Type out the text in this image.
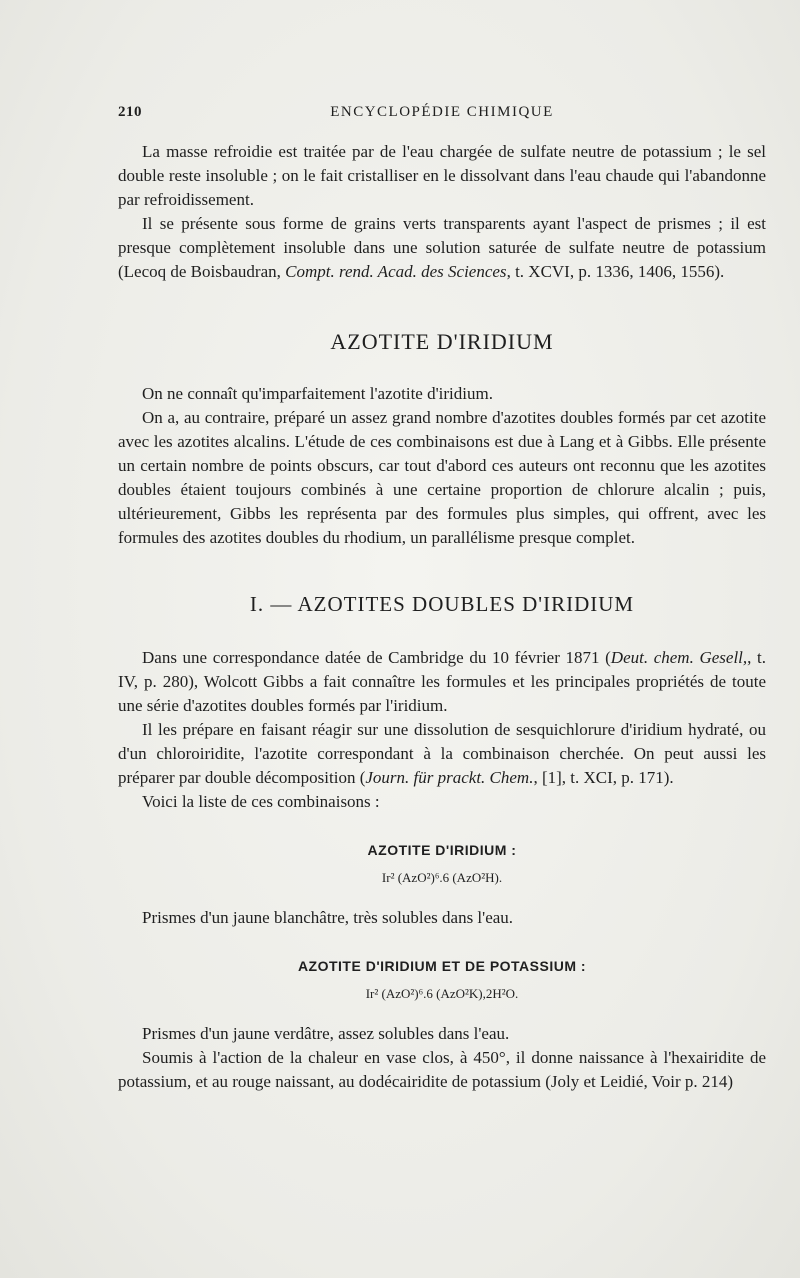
210	ENCYCLOPÉDIE CHIMIQUE

La masse refroidie est traitée par de l'eau chargée de sulfate neutre de potassium ; le sel double reste insoluble ; on le fait cristalliser en le dissolvant dans l'eau chaude qui l'abandonne par refroidissement.

Il se présente sous forme de grains verts transparents ayant l'aspect de prismes ; il est presque complètement insoluble dans une solution saturée de sulfate neutre de potassium (Lecoq de Boisbaudran, Compt. rend. Acad. des Sciences, t. XCVI, p. 1336, 1406, 1556).

AZOTITE D'IRIDIUM

On ne connaît qu'imparfaitement l'azotite d'iridium.

On a, au contraire, préparé un assez grand nombre d'azotites doubles formés par cet azotite avec les azotites alcalins. L'étude de ces combinaisons est due à Lang et à Gibbs. Elle présente un certain nombre de points obscurs, car tout d'abord ces auteurs ont reconnu que les azotites doubles étaient toujours combinés à une certaine proportion de chlorure alcalin ; puis, ultérieurement, Gibbs les représenta par des formules plus simples, qui offrent, avec les formules des azotites doubles du rhodium, un parallélisme presque complet.

I. — AZOTITES DOUBLES D'IRIDIUM

Dans une correspondance datée de Cambridge du 10 février 1871 (Deut. chem. Gesell,, t. IV, p. 280), Wolcott Gibbs a fait connaître les formules et les principales propriétés de toute une série d'azotites doubles formés par l'iridium.

Il les prépare en faisant réagir sur une dissolution de sesquichlorure d'iridium hydraté, ou d'un chloroiridite, l'azotite correspondant à la combinaison cherchée. On peut aussi les préparer par double décomposition (Journ. für prackt. Chem., [1], t. XCI, p. 171).

Voici la liste de ces combinaisons :

AZOTITE D'IRIDIUM :
Ir² (AzO²)⁶.6 (AzO²H).

Prismes d'un jaune blanchâtre, très solubles dans l'eau.

AZOTITE D'IRIDIUM ET DE POTASSIUM :
Ir² (AzO²)⁶.6 (AzO²K),2H²O.

Prismes d'un jaune verdâtre, assez solubles dans l'eau.

Soumis à l'action de la chaleur en vase clos, à 450°, il donne naissance à l'hexairidite de potassium, et au rouge naissant, au dodécairidite de potassium (Joly et Leidié, Voir p. 214)
